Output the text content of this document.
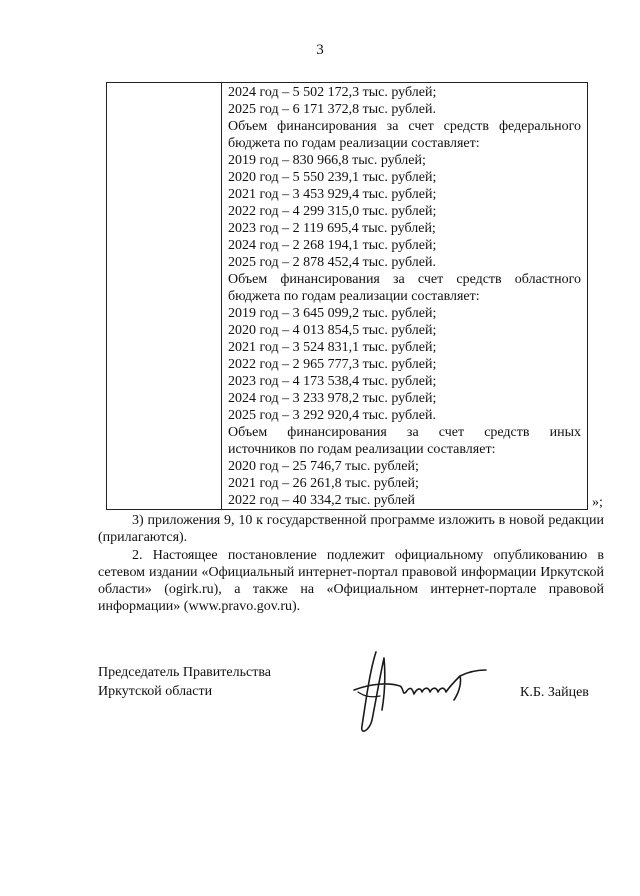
3

2024 год – 5 502 172,3 тыс. рублей;
2025 год – 6 171 372,8 тыс. рублей.
Объем финансирования за счет средств федерального
бюджета по годам реализации составляет:
2019 год – 830 966,8 тыс. рублей;
2020 год – 5 550 239,1 тыс. рублей;
2021 год – 3 453 929,4 тыс. рублей;
2022 год – 4 299 315,0 тыс. рублей;
2023 год – 2 119 695,4 тыс. рублей;
2024 год – 2 268 194,1 тыс. рублей;
2025 год – 2 878 452,4 тыс. рублей.
Объем финансирования за счет средств областного
бюджета по годам реализации составляет:
2019 год – 3 645 099,2 тыс. рублей;
2020 год – 4 013 854,5 тыс. рублей;
2021 год – 3 524 831,1 тыс. рублей;
2022 год – 2 965 777,3 тыс. рублей;
2023 год – 4 173 538,4 тыс. рублей;
2024 год – 3 233 978,2 тыс. рублей;
2025 год – 3 292 920,4 тыс. рублей.
Объем финансирования за счет средств иных
источников по годам реализации составляет:
2020 год – 25 746,7 тыс. рублей;
2021 год – 26 261,8 тыс. рублей;
2022 год – 40 334,2 тыс. рублей	»;
3) приложения 9, 10 к государственной программе изложить в новой редакции (прилагаются).
2. Настоящее постановление подлежит официальному опубликованию в сетевом издании «Официальный интернет-портал правовой информации Иркутской области» (ogirk.ru), а также на «Официальном интернет-портале правовой информации» (www.pravo.gov.ru).
Председатель Правительства
Иркутской области	К.Б. Зайцев
